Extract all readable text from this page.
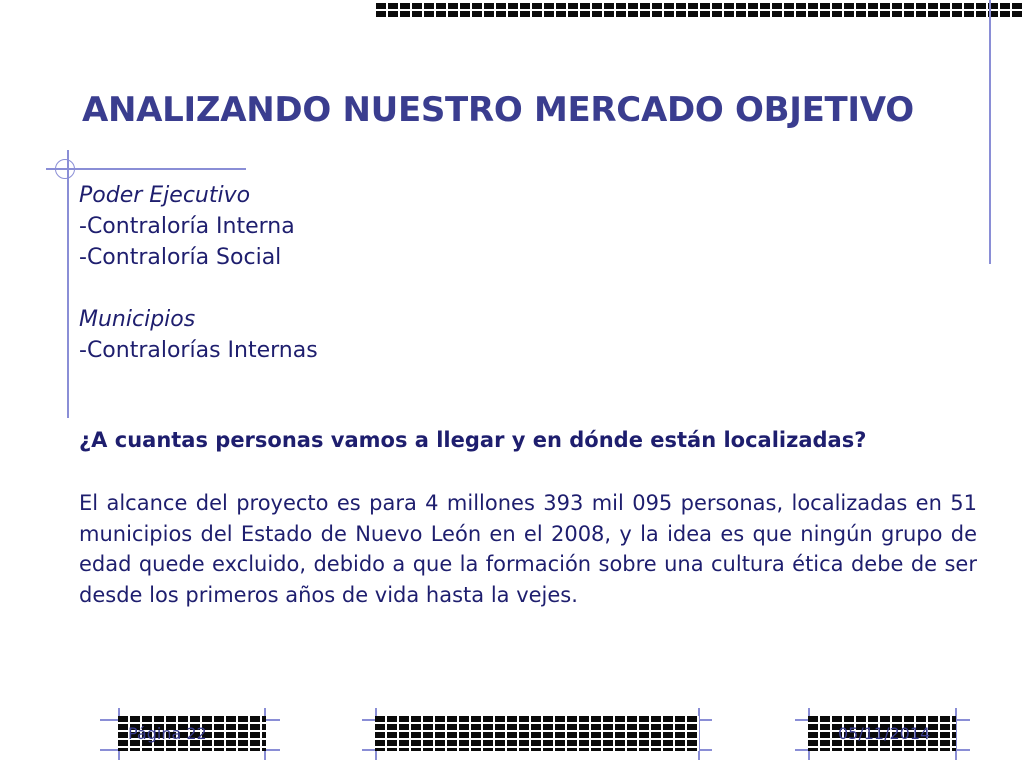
ANALIZANDO NUESTRO MERCADO OBJETIVO
Poder Ejecutivo
-Contraloría Interna
-Contraloría Social
Municipios
-Contralorías Internas
¿A cuantas personas vamos a llegar y en dónde están localizadas?

El alcance del proyecto es para 4 millones 393 mil 095 personas, localizadas en 51 municipios del Estado de Nuevo León en el 2008, y la idea es que ningún grupo de edad quede excluido, debido a que la formación sobre una cultura ética debe de ser desde los primeros años de vida hasta la vejes.

Página 22	05/11/2014
